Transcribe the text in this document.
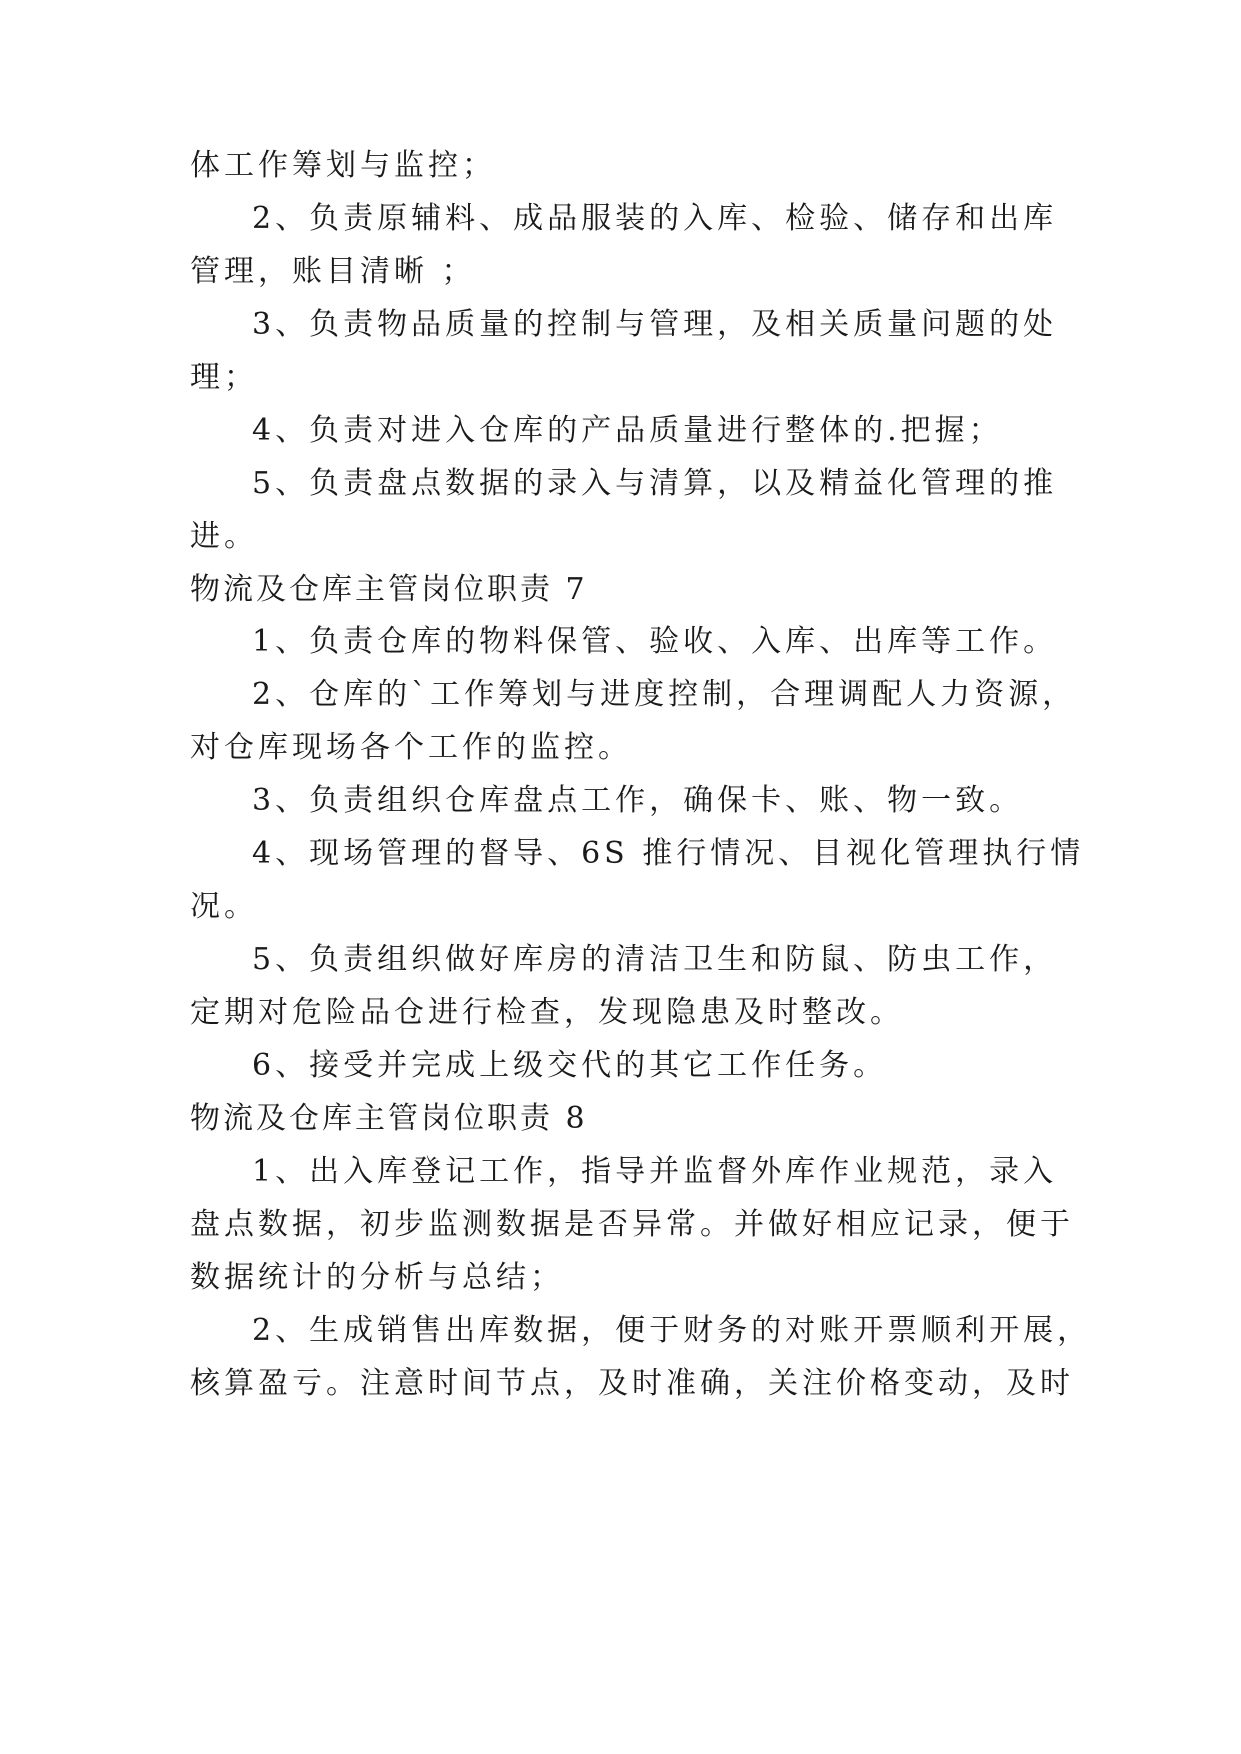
体工作筹划与监控；
2、负责原辅料、成品服装的入库、检验、储存和出库
管理，账目清晰 ；
3、负责物品质量的控制与管理，及相关质量问题的处
理；
4、负责对进入仓库的产品质量进行整体的.把握；
5、负责盘点数据的录入与清算，以及精益化管理的推
进。
物流及仓库主管岗位职责 7
1、负责仓库的物料保管、验收、入库、出库等工作。
2、仓库的`工作筹划与进度控制，合理调配人力资源，
对仓库现场各个工作的监控。
3、负责组织仓库盘点工作，确保卡、账、物一致。
4、现场管理的督导、6S 推行情况、目视化管理执行情
况。
5、负责组织做好库房的清洁卫生和防鼠、防虫工作，
定期对危险品仓进行检查，发现隐患及时整改。
6、接受并完成上级交代的其它工作任务。
物流及仓库主管岗位职责 8
1、出入库登记工作，指导并监督外库作业规范，录入
盘点数据，初步监测数据是否异常。并做好相应记录，便于
数据统计的分析与总结；
2、生成销售出库数据，便于财务的对账开票顺利开展，
核算盈亏。注意时间节点，及时准确，关注价格变动，及时
